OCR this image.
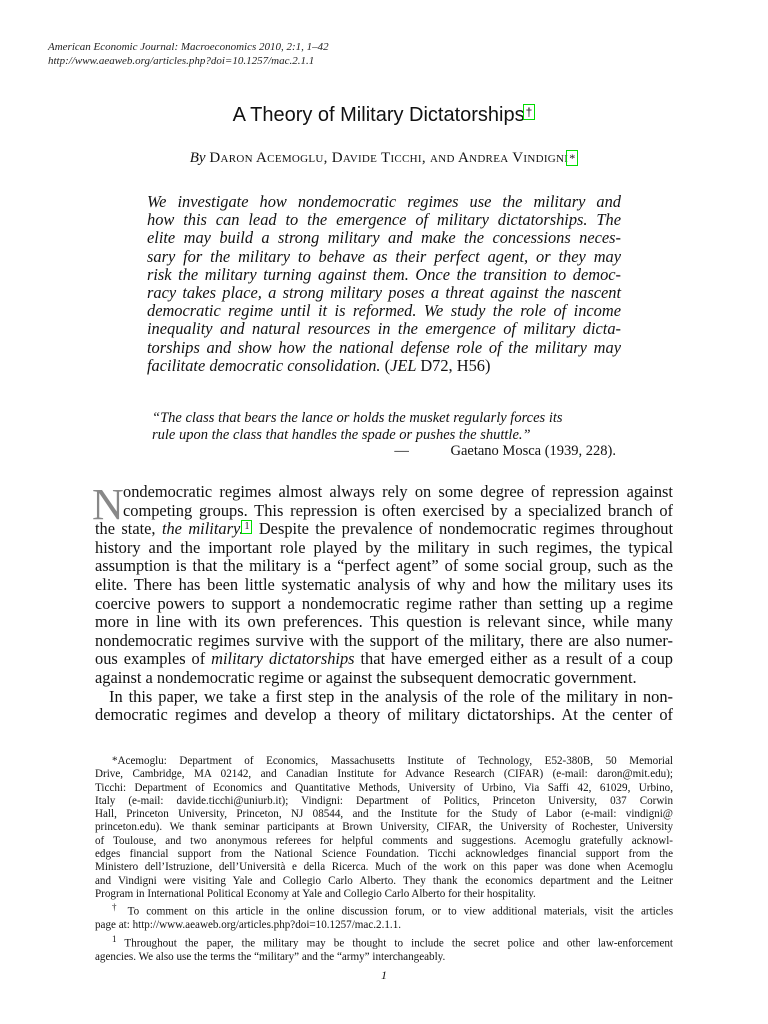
American Economic Journal: Macroeconomics 2010, 2:1, 1–42
http://www.aeaweb.org/articles.php?doi=10.1257/mac.2.1.1
A Theory of Military Dictatorships†
By Daron Acemoglu, Davide Ticchi, and Andrea Vindigni*
We investigate how nondemocratic regimes use the military and
how this can lead to the emergence of military dictatorships. The
elite may build a strong military and make the concessions neces-
sary for the military to behave as their perfect agent, or they may
risk the military turning against them. Once the transition to democ-
racy takes place, a strong military poses a threat against the nascent
democratic regime until it is reformed. We study the role of income
inequality and natural resources in the emergence of military dicta-
torships and show how the national defense role of the military may
facilitate democratic consolidation. (JEL D72, H56)
“The class that bears the lance or holds the musket regularly forces its
rule upon the class that handles the spade or pushes the shuttle.”
—	Gaetano Mosca (1939, 228).
N ondemocratic regimes almost always rely on some degree of repression against
competing groups. This repression is often exercised by a specialized branch of
the state, the military.1 Despite the prevalence of nondemocratic regimes throughout
history and the important role played by the military in such regimes, the typical
assumption is that the military is a “perfect agent” of some social group, such as the
elite. There has been little systematic analysis of why and how the military uses its
coercive powers to support a nondemocratic regime rather than setting up a regime
more in line with its own preferences. This question is relevant since, while many
nondemocratic regimes survive with the support of the military, there are also numer-
ous examples of military dictatorships that have emerged either as a result of a coup
against a nondemocratic regime or against the subsequent democratic government.
In this paper, we take a first step in the analysis of the role of the military in non-
democratic regimes and develop a theory of military dictatorships. At the center of
*Acemoglu: Department of Economics, Massachusetts Institute of Technology, E52-380B, 50 Memorial
Drive, Cambridge, MA 02142, and Canadian Institute for Advance Research (CIFAR) (e-mail: daron@mit.edu);
Ticchi: Department of Economics and Quantitative Methods, University of Urbino, Via Saffi 42, 61029, Urbino,
Italy (e-mail: davide.ticchi@uniurb.it); Vindigni: Department of Politics, Princeton University, 037 Corwin
Hall, Princeton University, Princeton, NJ 08544, and the Institute for the Study of Labor (e-mail: vindigni@
princeton.edu). We thank seminar participants at Brown University, CIFAR, the University of Rochester, University
of Toulouse, and two anonymous referees for helpful comments and suggestions. Acemoglu gratefully acknowl-
edges financial support from the National Science Foundation. Ticchi acknowledges financial support from the
Ministero dell’Istruzione, dell’Università e della Ricerca. Much of the work on this paper was done when Acemoglu
and Vindigni were visiting Yale and Collegio Carlo Alberto. They thank the economics department and the Leitner
Program in International Political Economy at Yale and Collegio Carlo Alberto for their hospitality.
† To comment on this article in the online discussion forum, or to view additional materials, visit the articles
page at: http://www.aeaweb.org/articles.php?doi=10.1257/mac.2.1.1.
$^1$ Throughout the paper, the military may be thought to include the secret police and other law-enforcement
agencies. We also use the terms the “military” and the “army” interchangeably.
1
